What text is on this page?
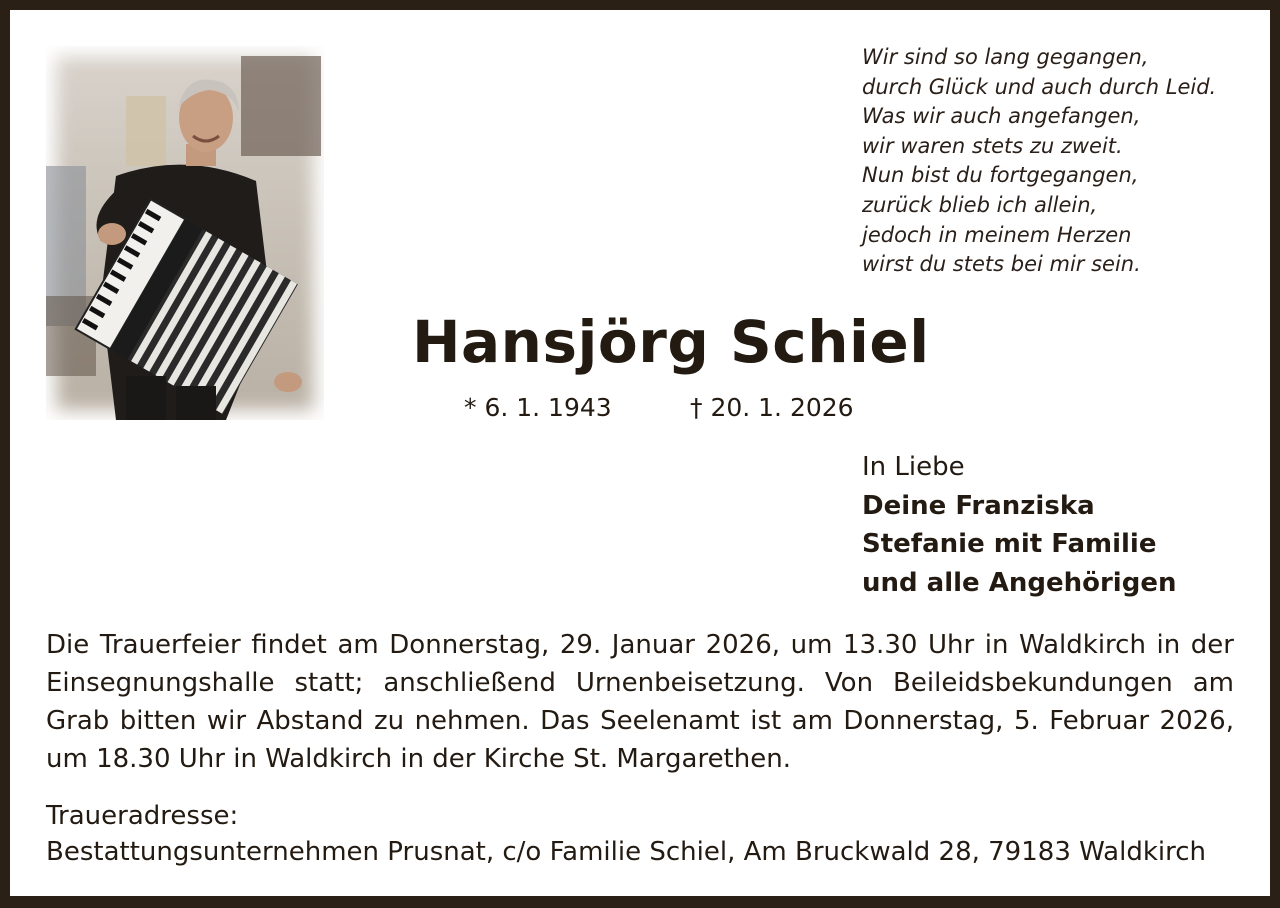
Wir sind so lang gegangen,
durch Glück und auch durch Leid.
Was wir auch angefangen,
wir waren stets zu zweit.
Nun bist du fortgegangen,
zurück blieb ich allein,
jedoch in meinem Herzen
wirst du stets bei mir sein.
Hansjörg Schiel
* 6. 1. 1943	† 20. 1. 2026
In Liebe
Deine Franziska
Stefanie mit Familie
und alle Angehörigen
Die Trauerfeier findet am Donnerstag, 29. Januar 2026, um 13.30 Uhr in Waldkirch in der Einsegnungshalle statt; anschließend Urnenbeisetzung. Von Beileidsbekundungen am Grab bitten wir Abstand zu nehmen. Das Seelenamt ist am Donnerstag, 5. Februar 2026, um 18.30 Uhr in Waldkirch in der Kirche St. Margarethen.
Traueradresse:
Bestattungsunternehmen Prusnat, c/o Familie Schiel, Am Bruckwald 28, 79183 Waldkirch
